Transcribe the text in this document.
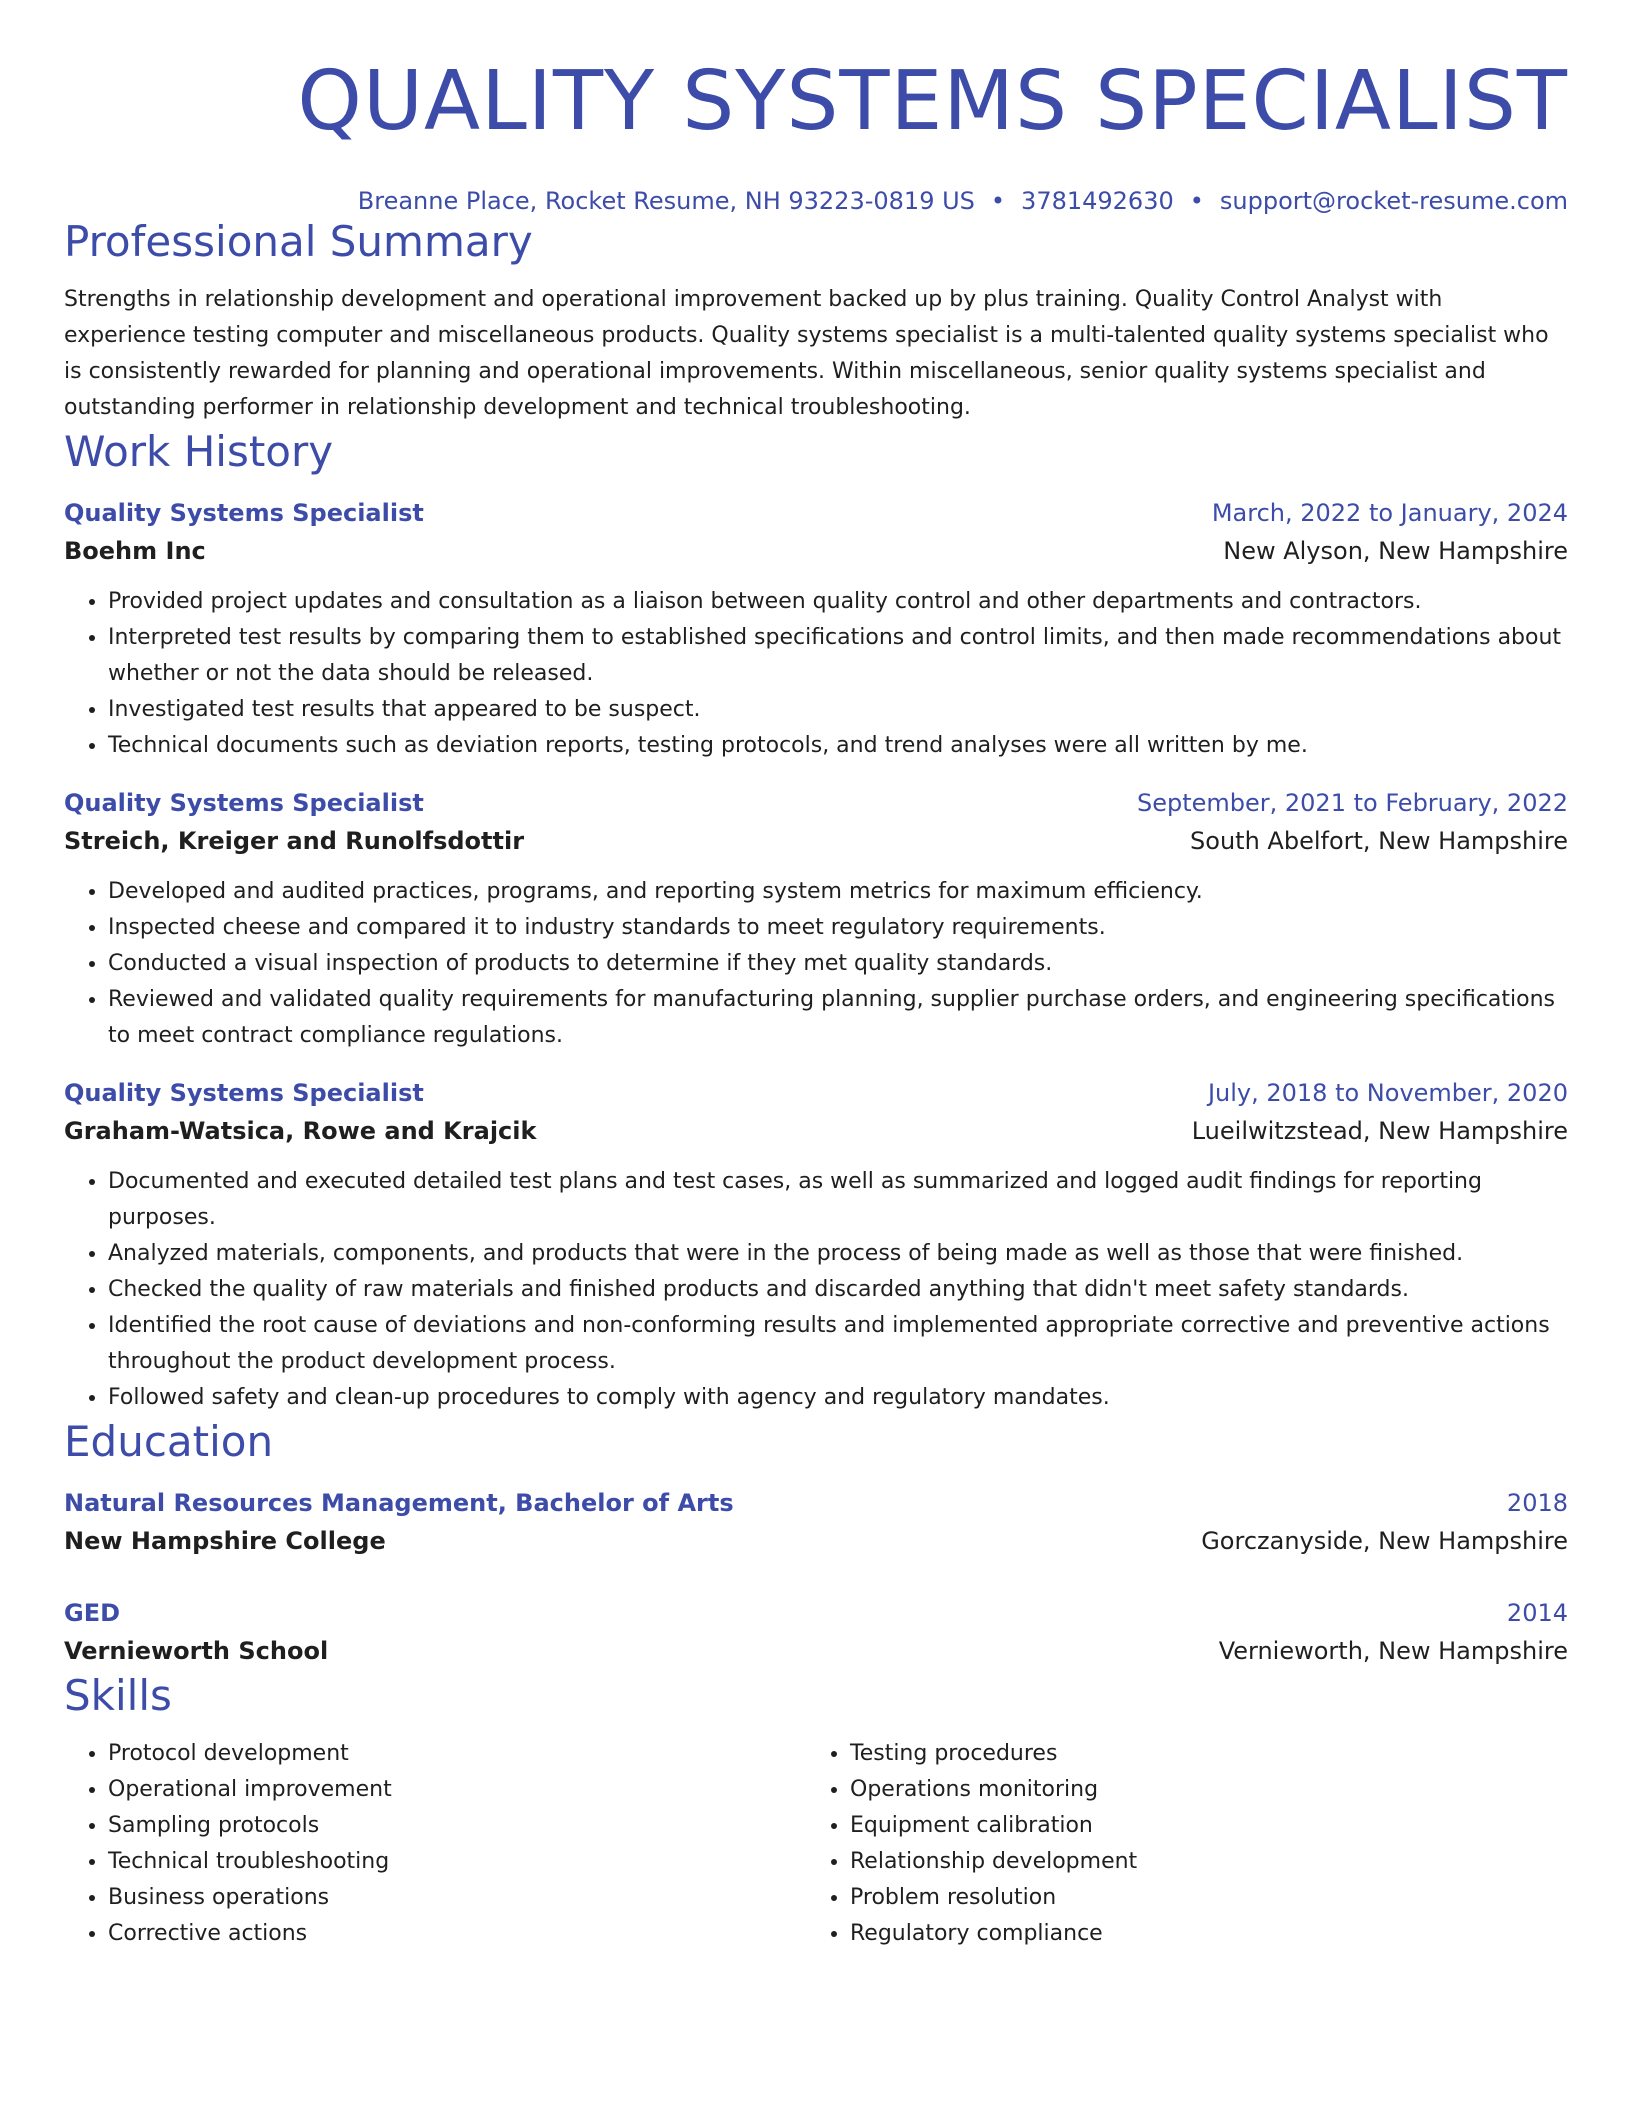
QUALITY SYSTEMS SPECIALIST
Breanne Place, Rocket Resume, NH 93223-0819 US • 3781492630 • support@rocket-resume.com
Professional Summary
Strengths in relationship development and operational improvement backed up by plus training. Quality Control Analyst with experience testing computer and miscellaneous products. Quality systems specialist is a multi-talented quality systems specialist who is consistently rewarded for planning and operational improvements. Within miscellaneous, senior quality systems specialist and outstanding performer in relationship development and technical troubleshooting.
Work History
Quality Systems Specialist	March, 2022 to January, 2024
Boehm Inc	New Alyson, New Hampshire
• Provided project updates and consultation as a liaison between quality control and other departments and contractors.
• Interpreted test results by comparing them to established specifications and control limits, and then made recommendations about whether or not the data should be released.
• Investigated test results that appeared to be suspect.
• Technical documents such as deviation reports, testing protocols, and trend analyses were all written by me.
Quality Systems Specialist	September, 2021 to February, 2022
Streich, Kreiger and Runolfsdottir	South Abelfort, New Hampshire
• Developed and audited practices, programs, and reporting system metrics for maximum efficiency.
• Inspected cheese and compared it to industry standards to meet regulatory requirements.
• Conducted a visual inspection of products to determine if they met quality standards.
• Reviewed and validated quality requirements for manufacturing planning, supplier purchase orders, and engineering specifications to meet contract compliance regulations.
Quality Systems Specialist	July, 2018 to November, 2020
Graham-Watsica, Rowe and Krajcik	Lueilwitzstead, New Hampshire
• Documented and executed detailed test plans and test cases, as well as summarized and logged audit findings for reporting purposes.
• Analyzed materials, components, and products that were in the process of being made as well as those that were finished.
• Checked the quality of raw materials and finished products and discarded anything that didn't meet safety standards.
• Identified the root cause of deviations and non-conforming results and implemented appropriate corrective and preventive actions throughout the product development process.
• Followed safety and clean-up procedures to comply with agency and regulatory mandates.
Education
Natural Resources Management, Bachelor of Arts	2018
New Hampshire College	Gorczanyside, New Hampshire
GED	2014
Vernieworth School	Vernieworth, New Hampshire
Skills
• Protocol development
• Operational improvement
• Sampling protocols
• Technical troubleshooting
• Business operations
• Corrective actions
• Testing procedures
• Operations monitoring
• Equipment calibration
• Relationship development
• Problem resolution
• Regulatory compliance
